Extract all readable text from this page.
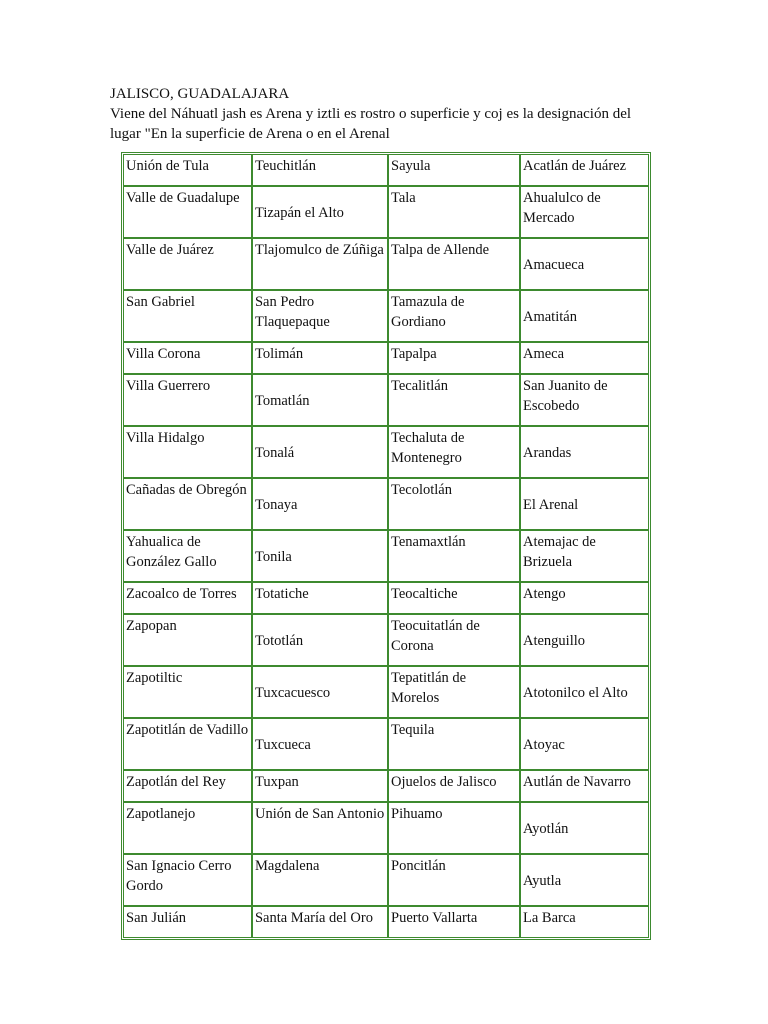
JALISCO, GUADALAJARA

Viene del Náhuatl jash es Arena y iztli es rostro o superficie y coj es la designación del lugar "En la superficie de Arena o en el Arenal

Unión de Tula	Teuchitlán	Sayula	Acatlán de Juárez
Valle de Guadalupe	Tizapán el Alto	Tala	Ahualulco de Mercado
Valle de Juárez	Tlajomulco de Zúñiga	Talpa de Allende	Amacueca
San Gabriel	San Pedro Tlaquepaque	Tamazula de Gordiano	Amatitán
Villa Corona	Tolimán	Tapalpa	Ameca
Villa Guerrero	Tomatlán	Tecalitlán	San Juanito de Escobedo
Villa Hidalgo	Tonalá	Techaluta de Montenegro	Arandas
Cañadas de Obregón	Tonaya	Tecolotlán	El Arenal
Yahualica de González Gallo	Tonila	Tenamaxtlán	Atemajac de Brizuela
Zacoalco de Torres	Totatiche	Teocaltiche	Atengo
Zapopan	Tototlán	Teocuitatlán de Corona	Atenguillo
Zapotiltic	Tuxcacuesco	Tepatitlán de Morelos	Atotonilco el Alto
Zapotitlán de Vadillo	Tuxcueca	Tequila	Atoyac
Zapotlán del Rey	Tuxpan	Ojuelos de Jalisco	Autlán de Navarro
Zapotlanejo	Unión de San Antonio	Pihuamo	Ayotlán
San Ignacio Cerro Gordo	Magdalena	Poncitlán	Ayutla
San Julián	Santa María del Oro	Puerto Vallarta	La Barca
